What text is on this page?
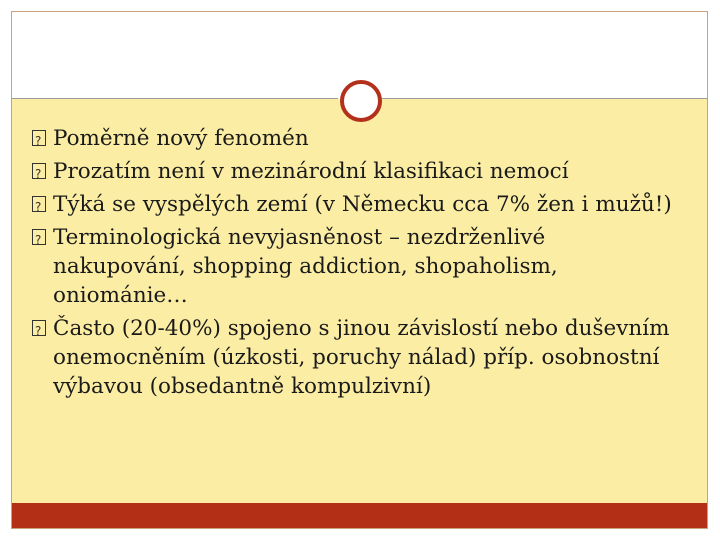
?
Poměrně nový fenomén
?
Prozatím není v mezinárodní klasifikaci nemocí
?
Týká se vyspělých zemí (v Německu cca 7% žen i mužů!)
?
Terminologická nevyjasněnost – nezdrženlivé nakupování, shopping addiction, shopaholism, oniománie…
?
Často (20-40%) spojeno s jinou závislostí nebo duševním onemocněním (úzkosti, poruchy nálad) příp. osobnostní výbavou (obsedantně kompulzivní)
